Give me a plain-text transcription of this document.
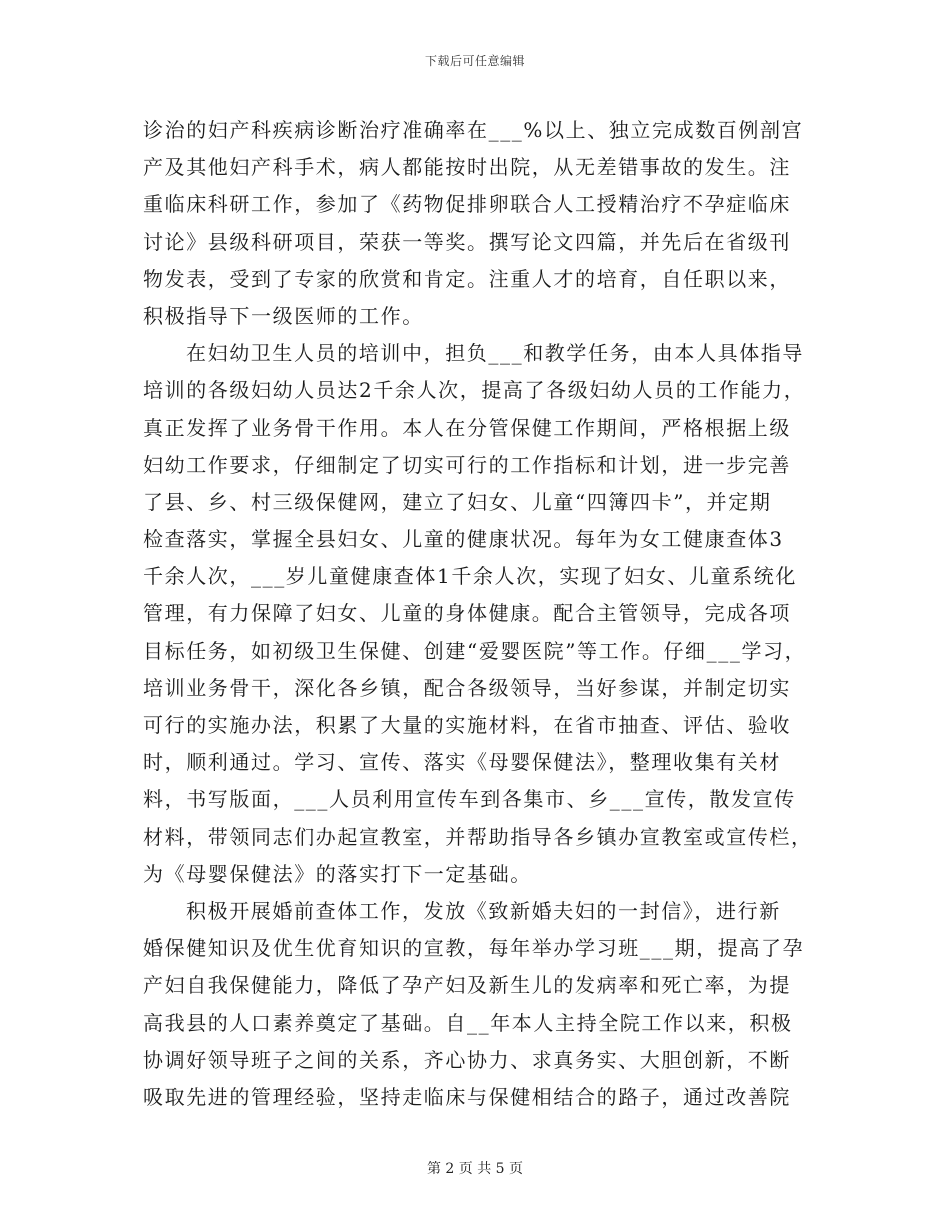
下载后可任意编辑
诊治的妇产科疾病诊断治疗准确率在___%以上、独立完成数百例剖宫
产及其他妇产科手术，病人都能按时出院，从无差错事故的发生。注
重临床科研工作，参加了《药物促排卵联合人工授精治疗不孕症临床
讨论》县级科研项目，荣获一等奖。撰写论文四篇，并先后在省级刊
物发表，受到了专家的欣赏和肯定。注重人才的培育，自任职以来，
积极指导下一级医师的工作。
在妇幼卫生人员的培训中，担负___和教学任务，由本人具体指导
培训的各级妇幼人员达2千余人次，提高了各级妇幼人员的工作能力，
真正发挥了业务骨干作用。本人在分管保健工作期间，严格根据上级
妇幼工作要求，仔细制定了切实可行的工作指标和计划，进一步完善
了县、乡、村三级保健网，建立了妇女、儿童“四簿四卡”，并定期
检查落实，掌握全县妇女、儿童的健康状况。每年为女工健康查体3
千余人次，___岁儿童健康查体1千余人次，实现了妇女、儿童系统化
管理，有力保障了妇女、儿童的身体健康。配合主管领导，完成各项
目标任务，如初级卫生保健、创建“爱婴医院”等工作。仔细___学习，
培训业务骨干，深化各乡镇，配合各级领导，当好参谋，并制定切实
可行的实施办法，积累了大量的实施材料，在省市抽查、评估、验收
时，顺利通过。学习、宣传、落实《母婴保健法》，整理收集有关材
料，书写版面，___人员利用宣传车到各集市、乡___宣传，散发宣传
材料，带领同志们办起宣教室，并帮助指导各乡镇办宣教室或宣传栏，
为《母婴保健法》的落实打下一定基础。
积极开展婚前查体工作，发放《致新婚夫妇的一封信》，进行新
婚保健知识及优生优育知识的宣教，每年举办学习班___期，提高了孕
产妇自我保健能力，降低了孕产妇及新生儿的发病率和死亡率，为提
高我县的人口素养奠定了基础。自__年本人主持全院工作以来，积极
协调好领导班子之间的关系，齐心协力、求真务实、大胆创新，不断
吸取先进的管理经验，坚持走临床与保健相结合的路子，通过改善院
第 2 页 共 5 页
